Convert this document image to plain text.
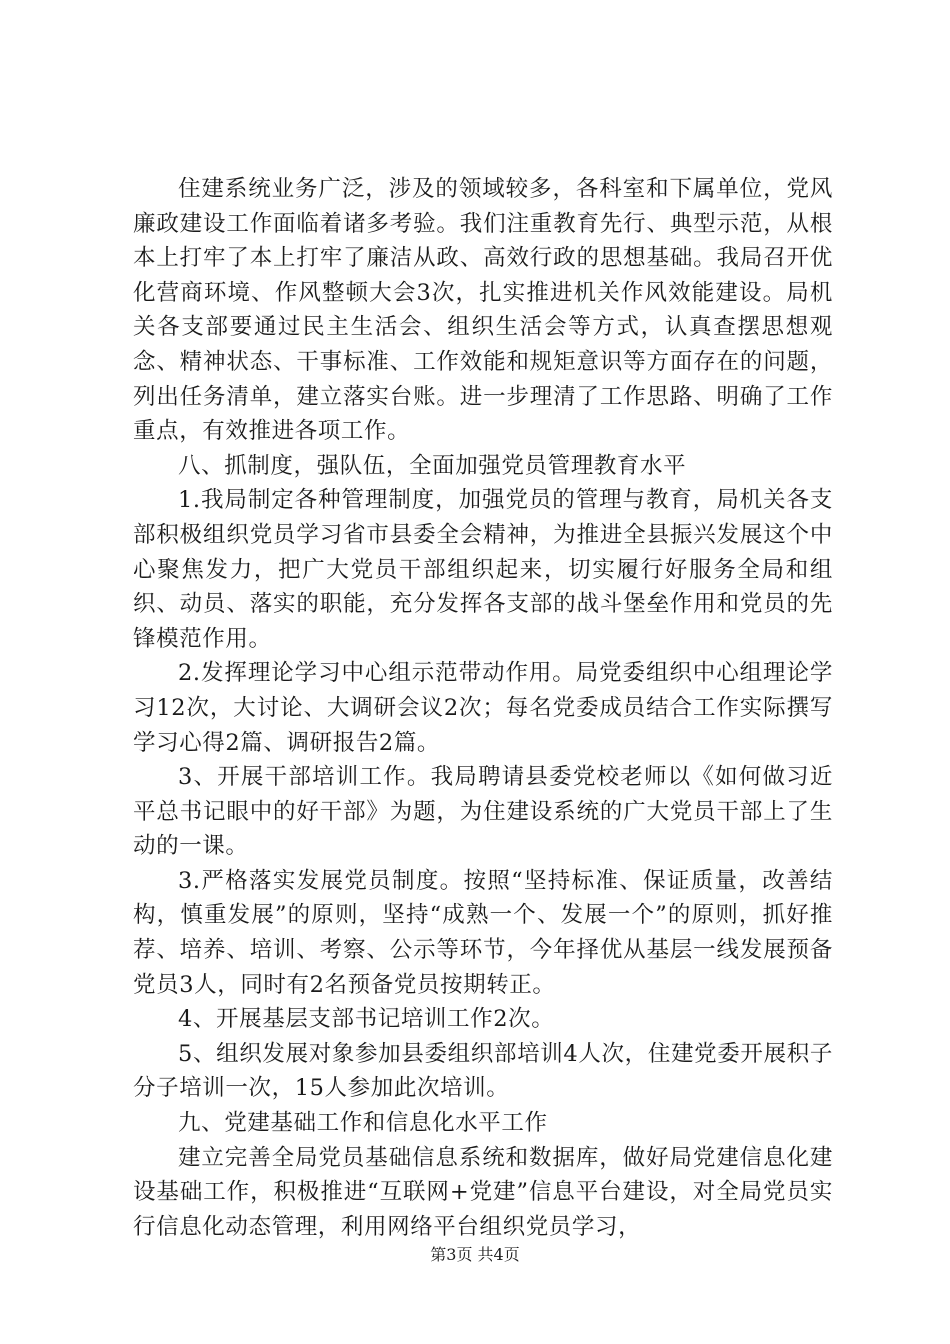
住建系统业务广泛，涉及的领域较多，各科室和下属单位，党风廉政建设工作面临着诸多考验。我们注重教育先行、典型示范，从根本上打牢了本上打牢了廉洁从政、高效行政的思想基础。我局召开优化营商环境、作风整顿大会3次，扎实推进机关作风效能建设。局机关各支部要通过民主生活会、组织生活会等方式，认真查摆思想观念、精神状态、干事标准、工作效能和规矩意识等方面存在的问题，列出任务清单，建立落实台账。进一步理清了工作思路、明确了工作重点，有效推进各项工作。

八、抓制度，强队伍，全面加强党员管理教育水平

1.我局制定各种管理制度，加强党员的管理与教育，局机关各支部积极组织党员学习省市县委全会精神，为推进全县振兴发展这个中心聚焦发力，把广大党员干部组织起来，切实履行好服务全局和组织、动员、落实的职能，充分发挥各支部的战斗堡垒作用和党员的先锋模范作用。

2.发挥理论学习中心组示范带动作用。局党委组织中心组理论学习12次，大讨论、大调研会议2次；每名党委成员结合工作实际撰写学习心得2篇、调研报告2篇。

3、开展干部培训工作。我局聘请县委党校老师以《如何做习近平总书记眼中的好干部》为题，为住建设系统的广大党员干部上了生动的一课。

3.严格落实发展党员制度。按照“坚持标准、保证质量，改善结构，慎重发展”的原则，坚持“成熟一个、发展一个”的原则，抓好推荐、培养、培训、考察、公示等环节，今年择优从基层一线发展预备党员3人，同时有2名预备党员按期转正。

4、开展基层支部书记培训工作2次。

5、组织发展对象参加县委组织部培训4人次，住建党委开展积子分子培训一次，15人参加此次培训。

九、党建基础工作和信息化水平工作

建立完善全局党员基础信息系统和数据库，做好局党建信息化建设基础工作，积极推进“互联网+党建”信息平台建设，对全局党员实行信息化动态管理，利用网络平台组织党员学习，

第3页 共4页
